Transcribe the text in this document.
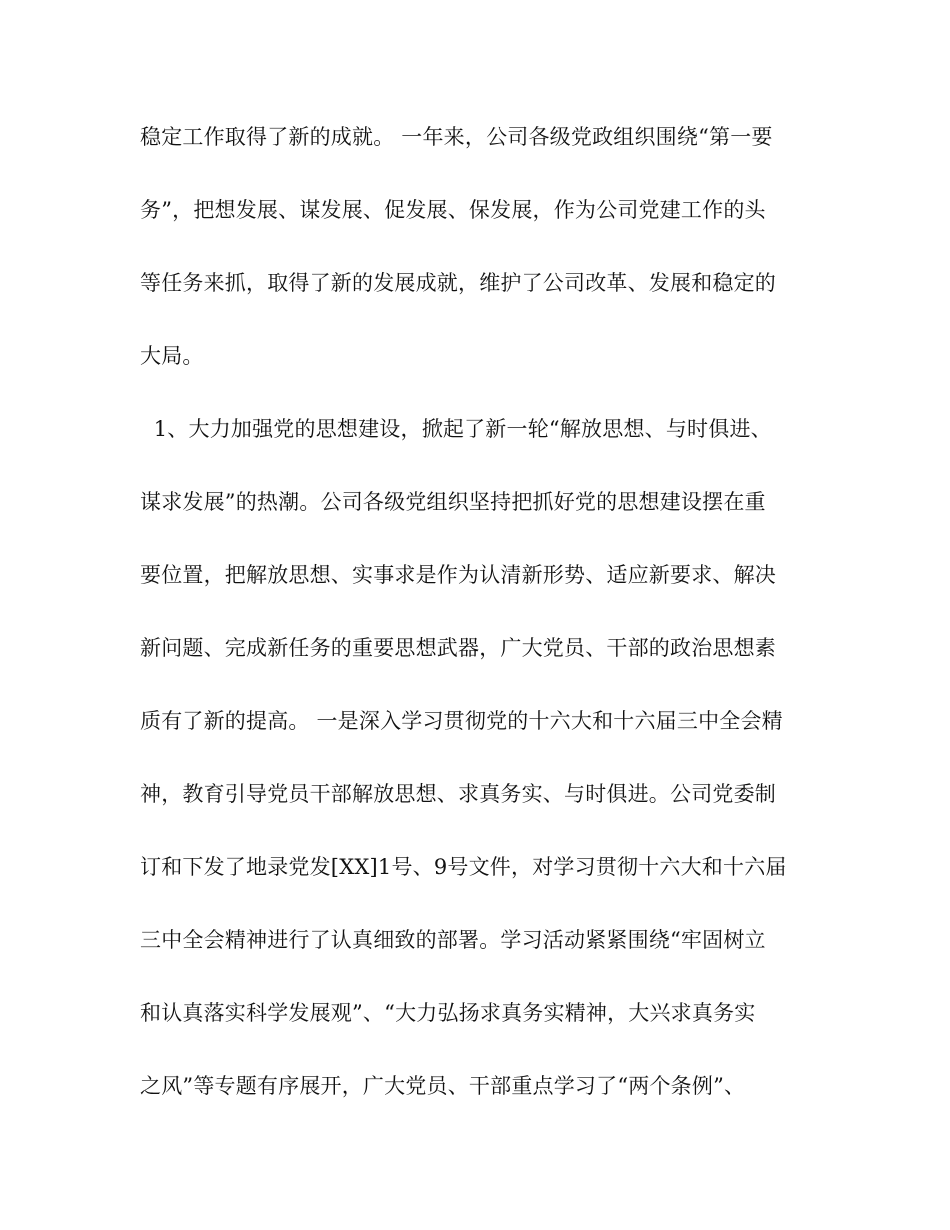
稳定工作取得了新的成就。 一年来，公司各级党政组织围绕“第一要
务”，把想发展、谋发展、促发展、保发展，作为公司党建工作的头
等任务来抓，取得了新的发展成就，维护了公司改革、发展和稳定的
大局。
1、大力加强党的思想建设，掀起了新一轮“解放思想、与时俱进、
谋求发展”的热潮。公司各级党组织坚持把抓好党的思想建设摆在重
要位置，把解放思想、实事求是作为认清新形势、适应新要求、解决
新问题、完成新任务的重要思想武器，广大党员、干部的政治思想素
质有了新的提高。 一是深入学习贯彻党的十六大和十六届三中全会精
神，教育引导党员干部解放思想、求真务实、与时俱进。公司党委制
订和下发了地录党发[XX]1号、9号文件，对学习贯彻十六大和十六届
三中全会精神进行了认真细致的部署。学习活动紧紧围绕“牢固树立
和认真落实科学发展观”、“大力弘扬求真务实精神，大兴求真务实
之风”等专题有序展开，广大党员、干部重点学习了“两个条例”、
